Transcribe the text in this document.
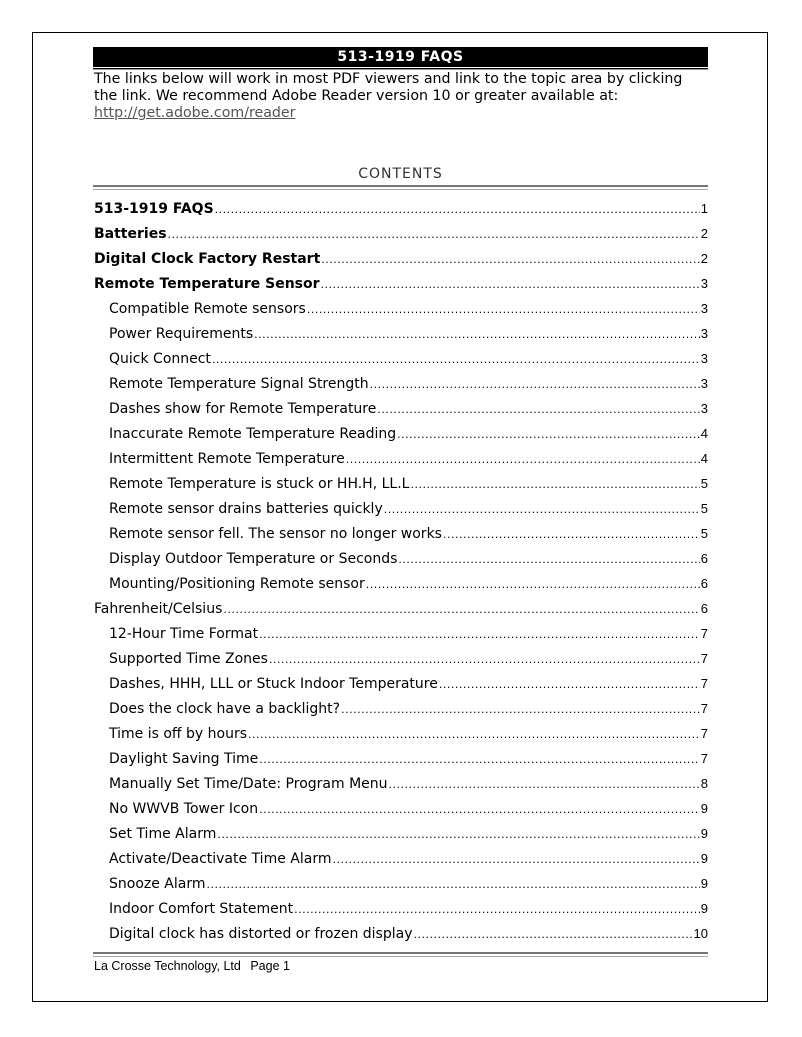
513-1919 FAQS
The links below will work in most PDF viewers and link to the topic area by clicking the link. We recommend Adobe Reader version 10 or greater available at:
http://get.adobe.com/reader
CONTENTS
513-1919 FAQS .....	1
Batteries .....	2
Digital Clock Factory Restart .....	2
Remote Temperature Sensor .....	3
Compatible Remote sensors .....	3
Power Requirements .....	3
Quick Connect .....	3
Remote Temperature Signal Strength .....	3
Dashes show for Remote Temperature .....	3
Inaccurate Remote Temperature Reading .....	4
Intermittent Remote Temperature .....	4
Remote Temperature is stuck or HH.H, LL.L .....	5
Remote sensor drains batteries quickly .....	5
Remote sensor fell. The sensor no longer works .....	5
Display Outdoor Temperature or Seconds .....	6
Mounting/Positioning Remote sensor .....	6
Fahrenheit/Celsius .....	6
12-Hour Time Format .....	7
Supported Time Zones .....	7
Dashes, HHH, LLL or Stuck Indoor Temperature .....	7
Does the clock have a backlight? .....	7
Time is off by hours .....	7
Daylight Saving Time .....	7
Manually Set Time/Date: Program Menu .....	8
No WWVB Tower Icon .....	9
Set Time Alarm .....	9
Activate/Deactivate Time Alarm .....	9
Snooze Alarm .....	9
Indoor Comfort Statement .....	9
Digital clock has distorted or frozen display .....	10
La Crosse Technology, Ltd Page 1
